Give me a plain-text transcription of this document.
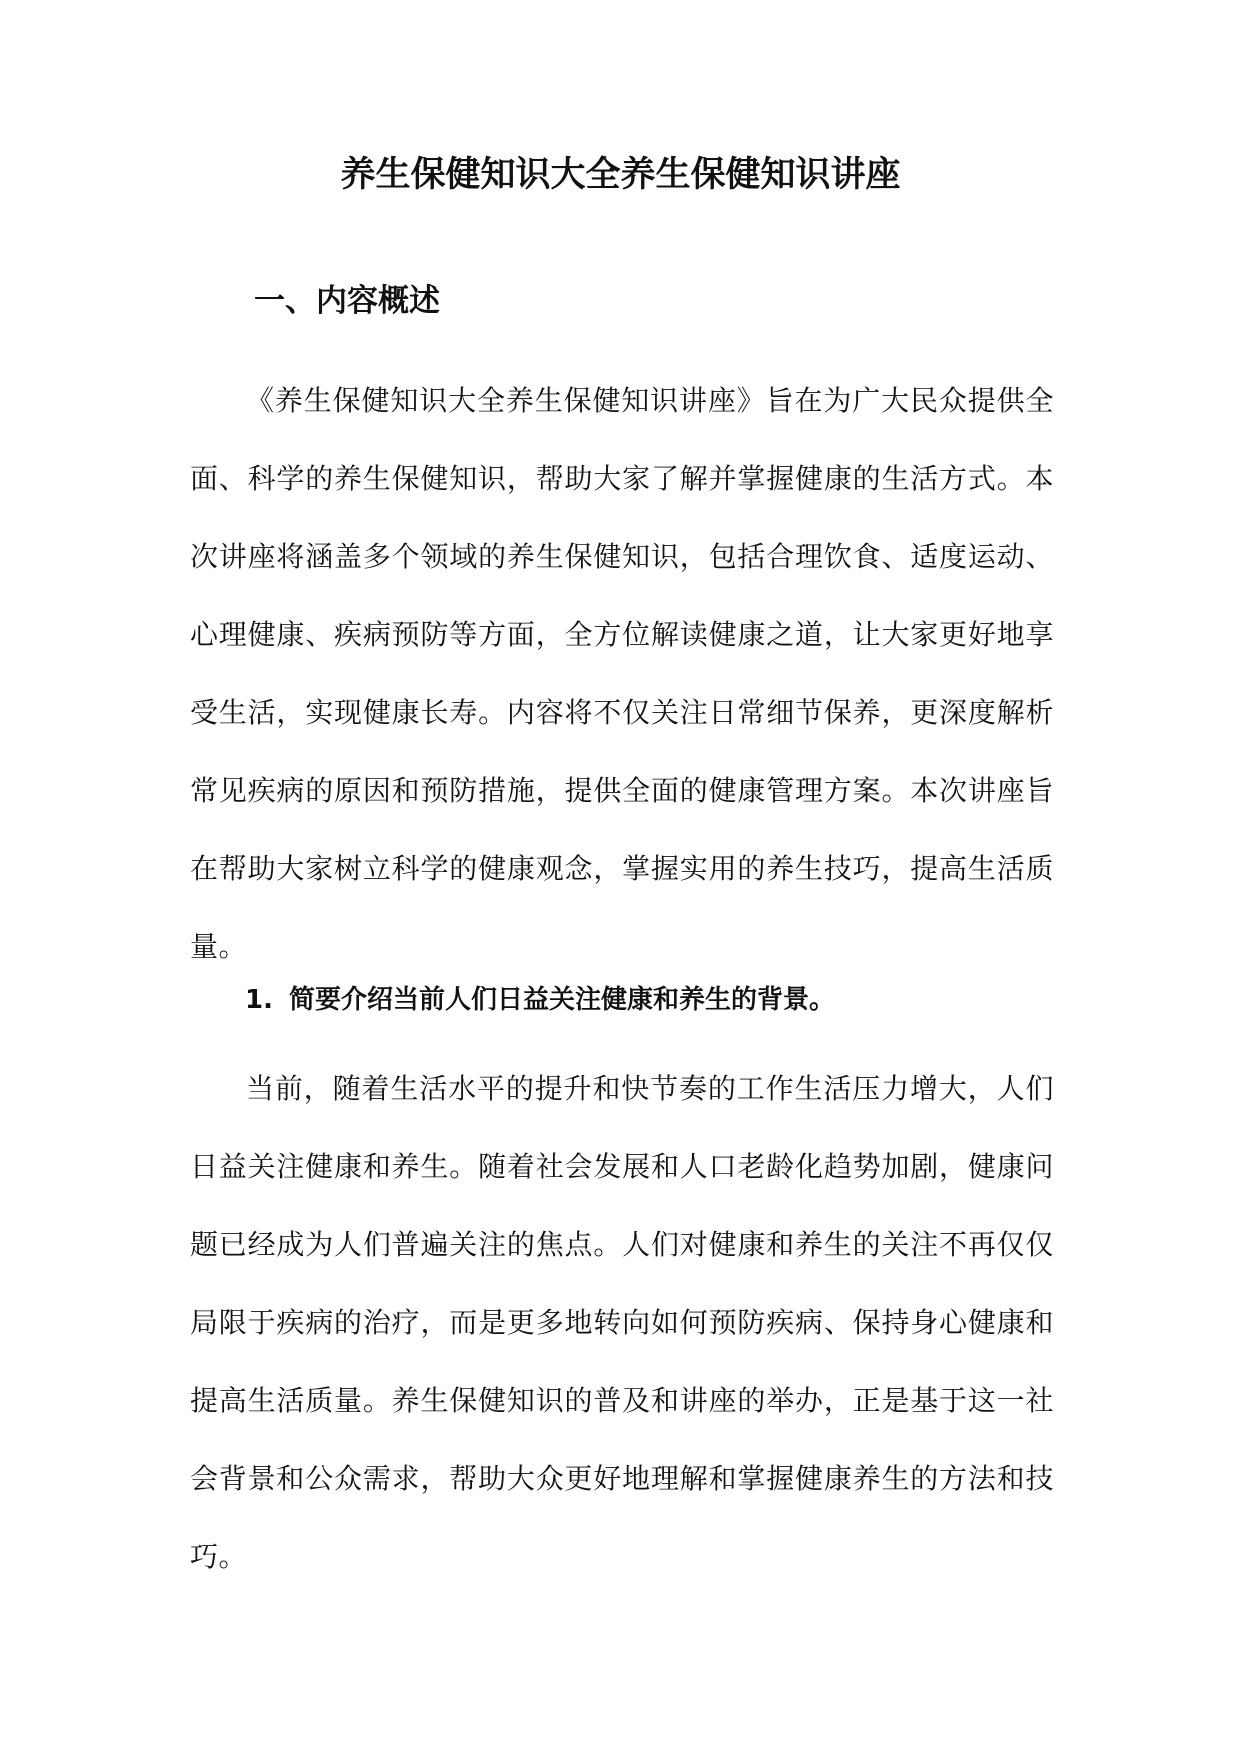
养生保健知识大全养生保健知识讲座
一、内容概述

《养生保健知识大全养生保健知识讲座》旨在为广大民众提供全面、科学的养生保健知识，帮助大家了解并掌握健康的生活方式。本次讲座将涵盖多个领域的养生保健知识，包括合理饮食、适度运动、心理健康、疾病预防等方面，全方位解读健康之道，让大家更好地享受生活，实现健康长寿。内容将不仅关注日常细节保养，更深度解析常见疾病的原因和预防措施，提供全面的健康管理方案。本次讲座旨在帮助大家树立科学的健康观念，掌握实用的养生技巧，提高生活质量。

1. 简要介绍当前人们日益关注健康和养生的背景。

当前，随着生活水平的提升和快节奏的工作生活压力增大，人们日益关注健康和养生。随着社会发展和人口老龄化趋势加剧，健康问题已经成为人们普遍关注的焦点。人们对健康和养生的关注不再仅仅局限于疾病的治疗，而是更多地转向如何预防疾病、保持身心健康和提高生活质量。养生保健知识的普及和讲座的举办，正是基于这一社会背景和公众需求，帮助大众更好地理解和掌握健康养生的方法和技巧。
